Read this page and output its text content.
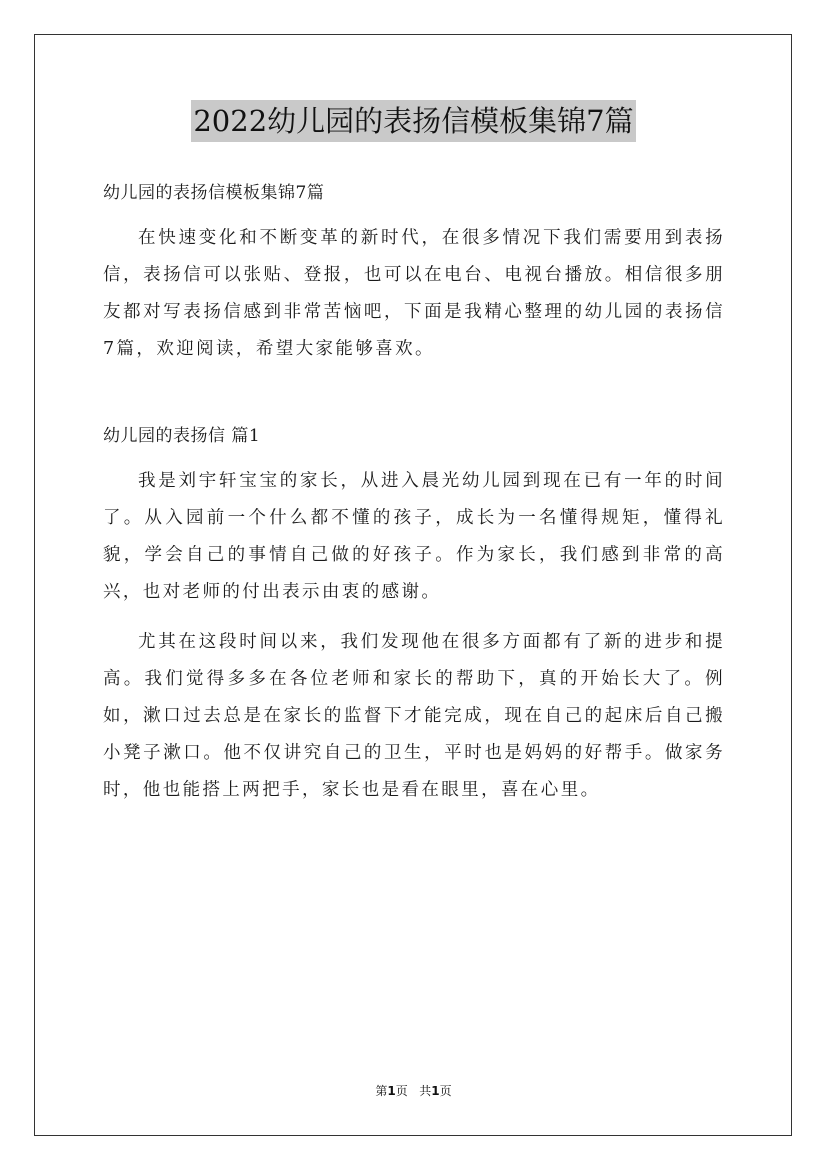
2022幼儿园的表扬信模板集锦7篇

幼儿园的表扬信模板集锦7篇

在快速变化和不断变革的新时代，在很多情况下我们需要用到表扬信，表扬信可以张贴、登报，也可以在电台、电视台播放。相信很多朋友都对写表扬信感到非常苦恼吧，下面是我精心整理的幼儿园的表扬信7篇，欢迎阅读，希望大家能够喜欢。

幼儿园的表扬信 篇1

我是刘宇轩宝宝的家长，从进入晨光幼儿园到现在已有一年的时间了。从入园前一个什么都不懂的孩子，成长为一名懂得规矩，懂得礼貌，学会自己的事情自己做的好孩子。作为家长，我们感到非常的高兴，也对老师的付出表示由衷的感谢。

尤其在这段时间以来，我们发现他在很多方面都有了新的进步和提高。我们觉得多多在各位老师和家长的帮助下，真的开始长大了。例如，漱口过去总是在家长的监督下才能完成，现在自己的起床后自己搬小凳子漱口。他不仅讲究自己的卫生，平时也是妈妈的好帮手。做家务时，他也能搭上两把手，家长也是看在眼里，喜在心里。

第1页 共1页
